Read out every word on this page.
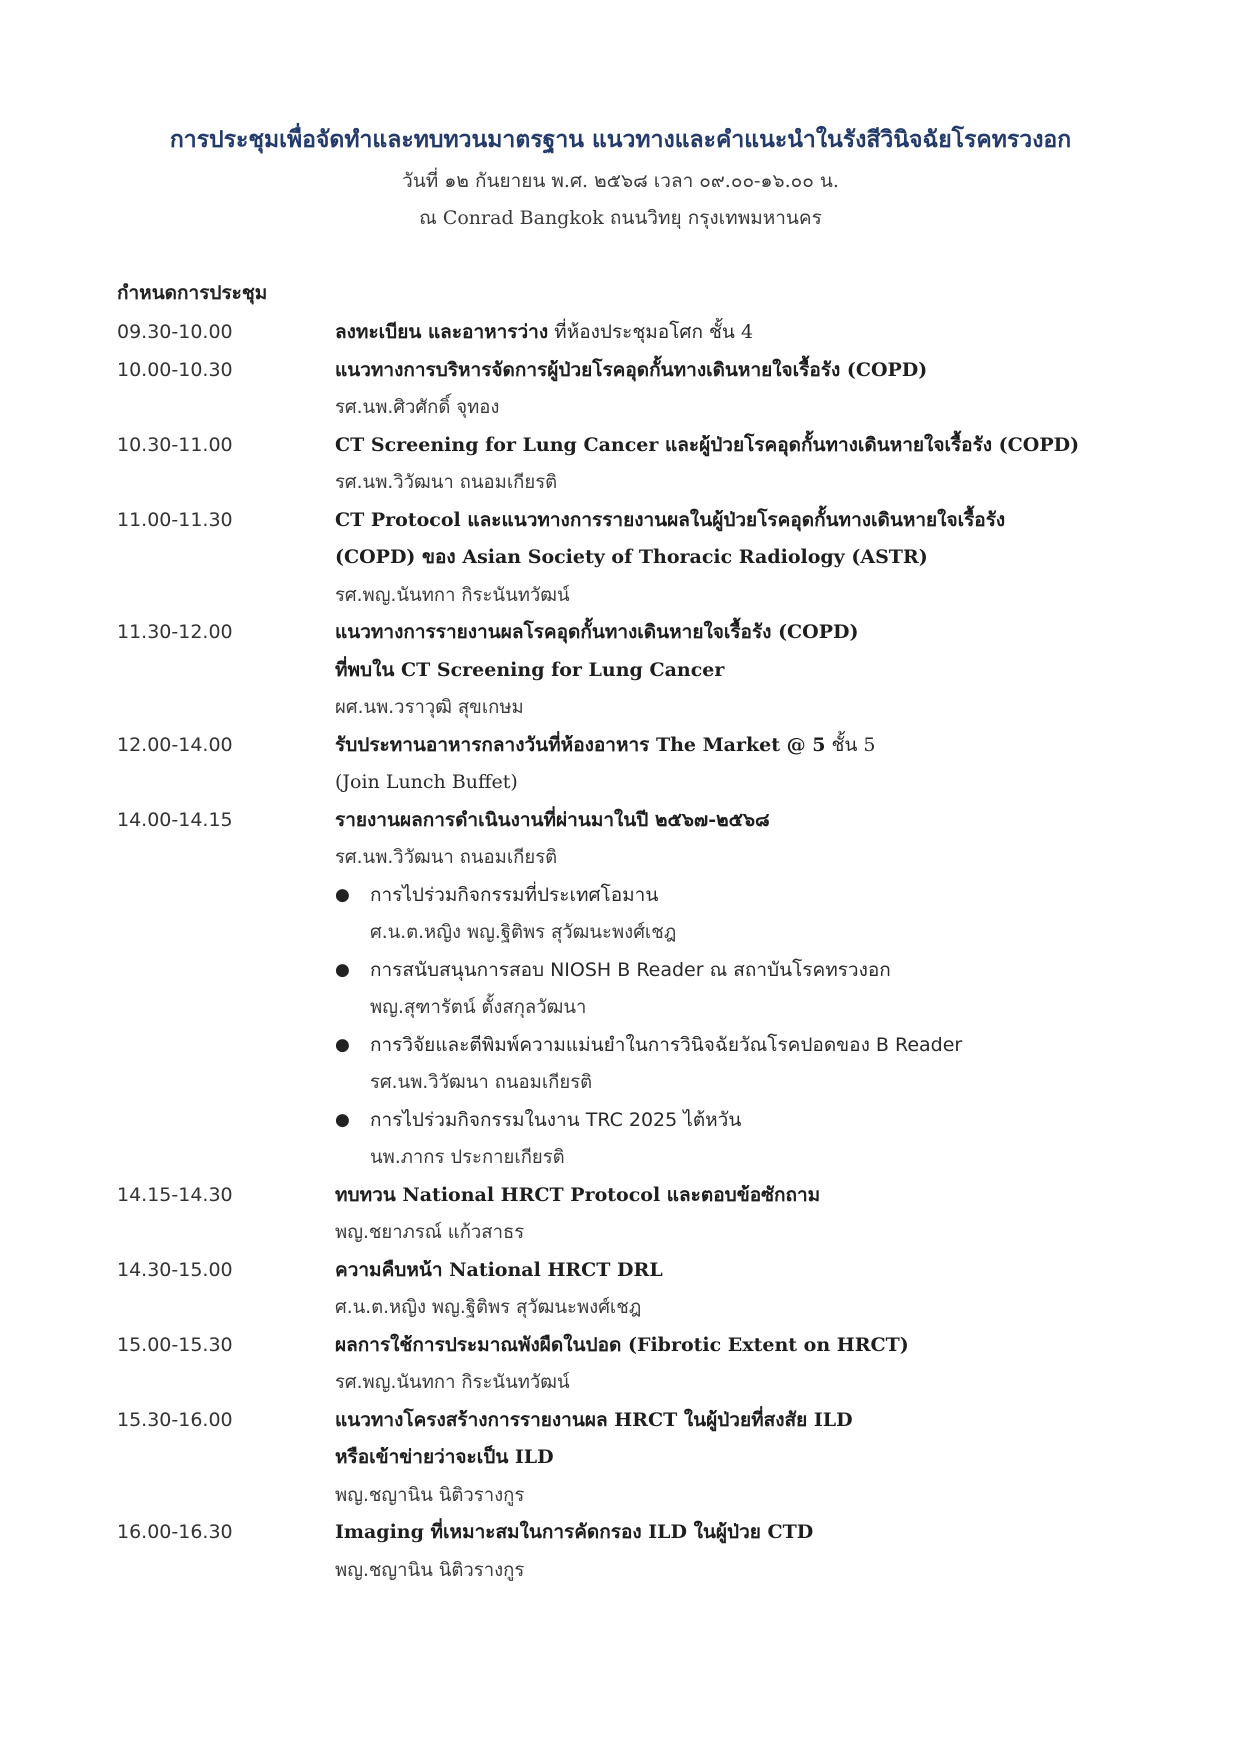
การประชุมเพื่อจัดทำและทบทวนมาตรฐาน แนวทางและคำแนะนำในรังสีวินิจฉัยโรคทรวงอก
วันที่ ๑๒ กันยายน พ.ศ. ๒๕๖๘ เวลา ๐๙.๐๐-๑๖.๐๐ น.
ณ Conrad Bangkok ถนนวิทยุ กรุงเทพมหานคร
กำหนดการประชุม
09.30-10.00	ลงทะเบียน และอาหารว่าง ที่ห้องประชุมอโศก ชั้น 4
10.00-10.30	แนวทางการบริหารจัดการผู้ป่วยโรคอุดกั้นทางเดินหายใจเรื้อรัง (COPD)
รศ.นพ.ศิวศักดิ์ จุทอง
10.30-11.00	CT Screening for Lung Cancer และผู้ป่วยโรคอุดกั้นทางเดินหายใจเรื้อรัง (COPD)
รศ.นพ.วิวัฒนา ถนอมเกียรติ
11.00-11.30	CT Protocol และแนวทางการรายงานผลในผู้ป่วยโรคอุดกั้นทางเดินหายใจเรื้อรัง
(COPD) ของ Asian Society of Thoracic Radiology (ASTR)
รศ.พญ.นันทกา กิระนันทวัฒน์
11.30-12.00	แนวทางการรายงานผลโรคอุดกั้นทางเดินหายใจเรื้อรัง (COPD)
ที่พบใน CT Screening for Lung Cancer
ผศ.นพ.วราวุฒิ สุขเกษม
12.00-14.00	รับประทานอาหารกลางวันที่ห้องอาหาร The Market @ 5 ชั้น 5
(Join Lunch Buffet)
14.00-14.15	รายงานผลการดำเนินงานที่ผ่านมาในปี ๒๕๖๗-๒๕๖๘
รศ.นพ.วิวัฒนา ถนอมเกียรติ
●	การไปร่วมกิจกรรมที่ประเทศโอมาน
ศ.น.ต.หญิง พญ.ฐิติพร สุวัฒนะพงศ์เชฎ
●	การสนับสนุนการสอบ NIOSH B Reader ณ สถาบันโรคทรวงอก
พญ.สุฑารัตน์ ตั้งสกุลวัฒนา
●	การวิจัยและตีพิมพ์ความแม่นยำในการวินิจฉัยวัณโรคปอดของ B Reader
รศ.นพ.วิวัฒนา ถนอมเกียรติ
●	การไปร่วมกิจกรรมในงาน TRC 2025 ไต้หวัน
นพ.ภากร ประกายเกียรติ
14.15-14.30	ทบทวน National HRCT Protocol และตอบข้อซักถาม
พญ.ชยาภรณ์ แก้วสาธร
14.30-15.00	ความคืบหน้า National HRCT DRL
ศ.น.ต.หญิง พญ.ฐิติพร สุวัฒนะพงศ์เชฎ
15.00-15.30	ผลการใช้การประมาณพังผืดในปอด (Fibrotic Extent on HRCT)
รศ.พญ.นันทกา กิระนันทวัฒน์
15.30-16.00	แนวทางโครงสร้างการรายงานผล HRCT ในผู้ป่วยที่สงสัย ILD
หรือเข้าข่ายว่าจะเป็น ILD
พญ.ชญานิน นิติวรางกูร
16.00-16.30	Imaging ที่เหมาะสมในการคัดกรอง ILD ในผู้ป่วย CTD
พญ.ชญานิน นิติวรางกูร
